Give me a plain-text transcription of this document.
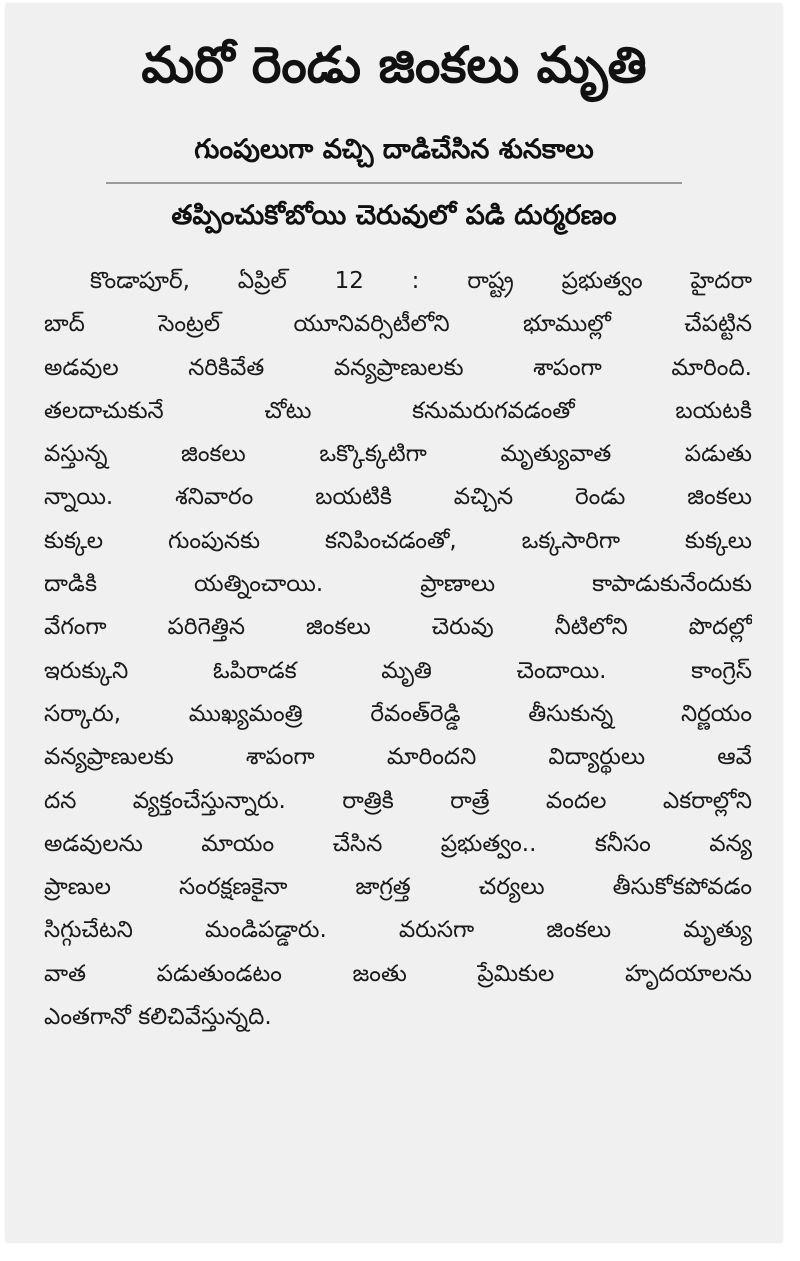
మరో రెండు జింకలు మృతి
గుంపులుగా వచ్చి దాడిచేసిన శునకాలు
తప్పించుకోబోయి చెరువులో పడి దుర్మరణం
కొండాపూర్, ఏప్రిల్ 12 : రాష్ట్ర ప్రభుత్వం హైదరా
బాద్ సెంట్రల్ యూనివర్సిటీలోని భూముల్లో చేపట్టిన
అడవుల నరికివేత వన్యప్రాణులకు శాపంగా మారింది.
తలదాచుకునే చోటు కనుమరుగవడంతో బయటకి
వస్తున్న జింకలు ఒక్కొక్కటిగా మృత్యువాత పడుతు
న్నాయి. శనివారం బయటికి వచ్చిన రెండు జింకలు
కుక్కల గుంపునకు కనిపించడంతో, ఒక్కసారిగా కుక్కలు
దాడికి యత్నించాయి. ప్రాణాలు కాపాడుకునేందుకు
వేగంగా పరిగెత్తిన జింకలు చెరువు నీటిలోని పొదల్లో
ఇరుక్కుని ఓపిరాడక మృతి చెందాయి. కాంగ్రెస్
సర్కారు, ముఖ్యమంత్రి రేవంత్‌రెడ్డి తీసుకున్న నిర్ణయం
వన్యప్రాణులకు శాపంగా మారిందని విద్యార్థులు ఆవే
దన వ్యక్తంచేస్తున్నారు. రాత్రికి రాత్రే వందల ఎకరాల్లోని
అడవులను మాయం చేసిన ప్రభుత్వం.. కనీసం వన్య
ప్రాణుల సంరక్షణకైనా జాగ్రత్త చర్యలు తీసుకోకపోవడం
సిగ్గుచేటని మండిపడ్డారు. వరుసగా జింకలు మృత్యు
వాత పడుతుండటం జంతు ప్రేమికుల హృదయాలను
ఎంతగానో కలిచివేస్తున్నది.
